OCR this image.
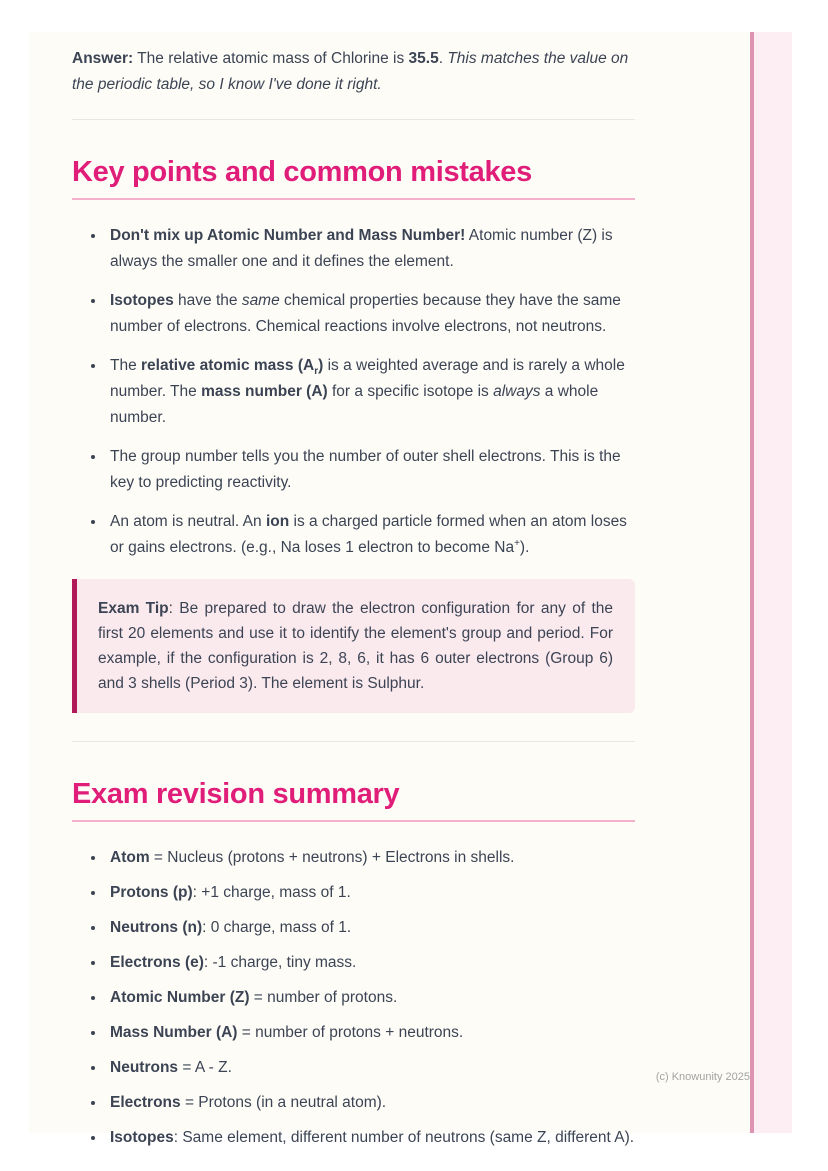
Answer: The relative atomic mass of Chlorine is 35.5. This matches the value on the periodic table, so I know I've done it right.

Key points and common mistakes
• Don't mix up Atomic Number and Mass Number! Atomic number (Z) is always the smaller one and it defines the element.
• Isotopes have the same chemical properties because they have the same number of electrons. Chemical reactions involve electrons, not neutrons.
• The relative atomic mass $(A_r)$ is a weighted average and is rarely a whole number. The mass number (A) for a specific isotope is always a whole number.
• The group number tells you the number of outer shell electrons. This is the key to predicting reactivity.
• An atom is neutral. An ion is a charged particle formed when an atom loses or gains electrons. (e.g., Na loses 1 electron to become Na+).
Exam Tip: Be prepared to draw the electron configuration for any of the first 20 elements and use it to identify the element's group and period. For example, if the configuration is 2, 8, 6, it has 6 outer electrons (Group 6) and 3 shells (Period 3). The element is Sulphur.
Exam revision summary
• Atom = Nucleus (protons + neutrons) + Electrons in shells.
• Protons (p): +1 charge, mass of 1.
• Neutrons (n): 0 charge, mass of 1.
• Electrons (e): -1 charge, tiny mass.
• Atomic Number (Z) = number of protons.
• Mass Number (A) = number of protons + neutrons.
• Neutrons = A - Z.
• Electrons = Protons (in a neutral atom).
• Isotopes: Same element, different number of neutrons (same Z, different A).
(c) Knowunity 2025
